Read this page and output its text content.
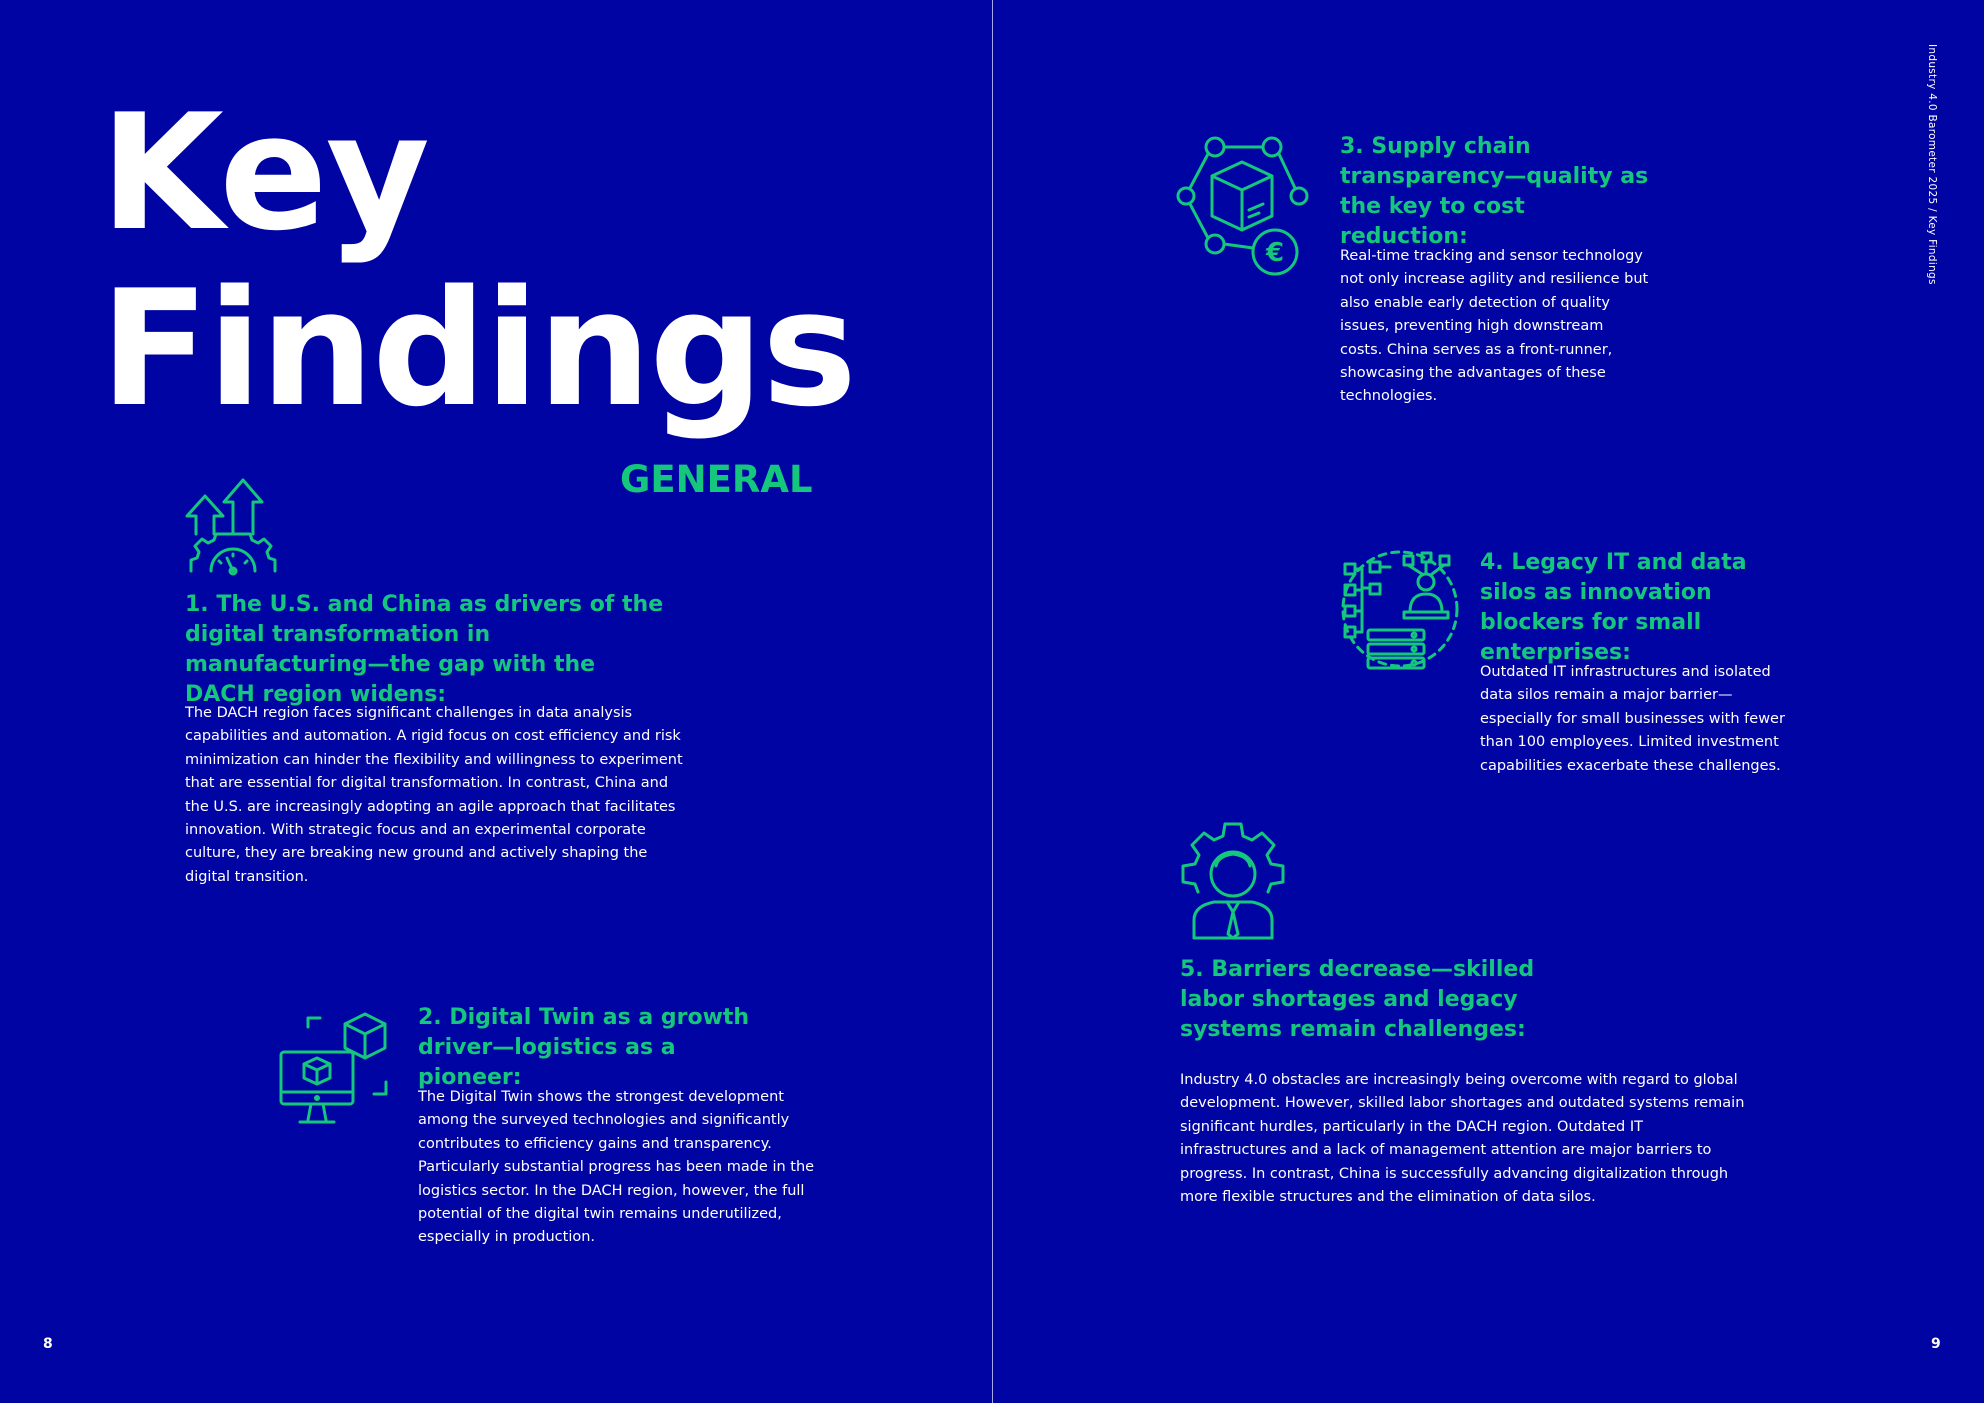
Key
Findings
GENERAL
1. The U.S. and China as drivers of the digital transformation in manufacturing—the gap with the DACH region widens:

The DACH region faces significant challenges in data analysis capabilities and automation. A rigid focus on cost efficiency and risk minimization can hinder the flexibility and willingness to experiment that are essential for digital transformation. In contrast, China and the U.S. are increasingly adopting an agile approach that facilitates innovation. With strategic focus and an experimental corporate culture, they are breaking new ground and actively shaping the digital transition.

2. Digital Twin as a growth driver—logistics as a pioneer:

The Digital Twin shows the strongest development among the surveyed technologies and significantly contributes to efficiency gains and transparency. Particularly substantial progress has been made in the logistics sector. In the DACH region, however, the full potential of the digital twin remains underutilized, especially in production.

8
Industry 4.0 Barometer 2025 / Key Findings
€
3. Supply chain transparency—quality as the key to cost reduction:

Real-time tracking and sensor technology not only increase agility and resilience but also enable early detection of quality issues, preventing high downstream costs. China serves as a front-runner, showcasing the advantages of these technologies.

4. Legacy IT and data silos as innovation blockers for small enterprises:

Outdated IT infrastructures and isolated data silos remain a major barrier—especially for small businesses with fewer than 100 employees. Limited investment capabilities exacerbate these challenges.

5. Barriers decrease—skilled labor shortages and legacy systems remain challenges:

Industry 4.0 obstacles are increasingly being overcome with regard to global development. However, skilled labor shortages and outdated systems remain significant hurdles, particularly in the DACH region. Outdated IT infrastructures and a lack of management attention are major barriers to progress. In contrast, China is successfully advancing digitalization through more flexible structures and the elimination of data silos.

9
